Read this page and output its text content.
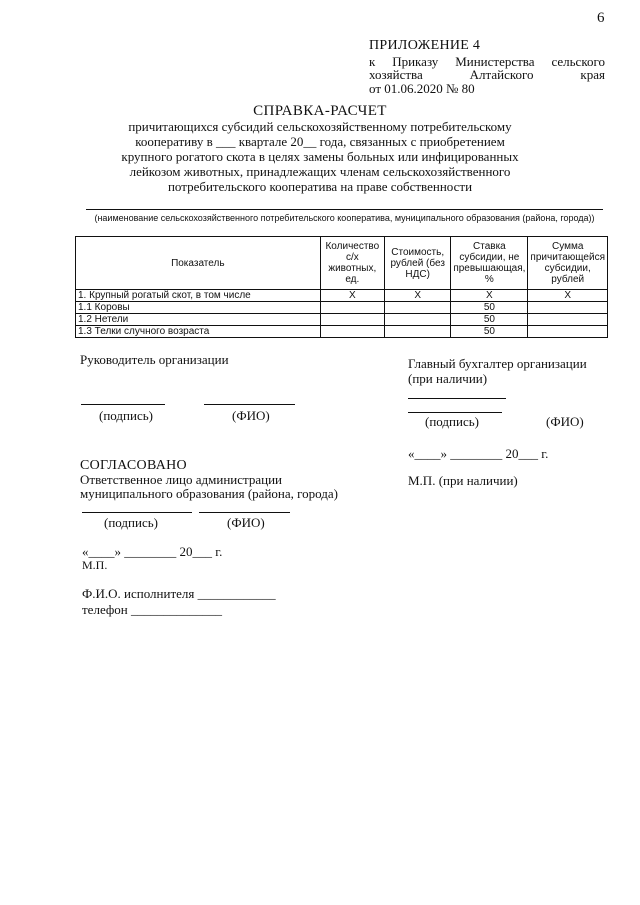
6
ПРИЛОЖЕНИЕ 4
к Приказу Министерства сельского
хозяйства Алтайского края
от 01.06.2020 № 80
СПРАВКА-РАСЧЕТ
причитающихся субсидий сельскохозяйственному потребительскому кооперативу в ___ квартале 20__ года, связанных с приобретением крупного рогатого скота в целях замены больных или инфицированных лейкозом животных, принадлежащих членам сельскохозяйственного потребительского кооператива на праве собственности
(наименование сельскохозяйственного потребительского кооператива, муниципального образования (района, города))
Показатель	Количество с/х животных, ед.	Стоимость, рублей (без НДС)	Ставка субсидии, не превышающая, %	Сумма причитающейся субсидии, рублей
1. Крупный рогатый скот, в том числе	X	X	X	X
1.1 Коровы			50	
1.2 Нетели			50	
1.3 Телки случного возраста			50	
Руководитель организации
(подпись)	(ФИО)
Главный бухгалтер организации
(при наличии)
(подпись)	(ФИО)
«____» ________ 20___ г.
М.П. (при наличии)
СОГЛАСОВАНО
Ответственное лицо администрации
муниципального образования (района, города)
(подпись)	(ФИО)
«____» ________ 20___ г.
М.П.
Ф.И.О. исполнителя ____________
телефон ______________
